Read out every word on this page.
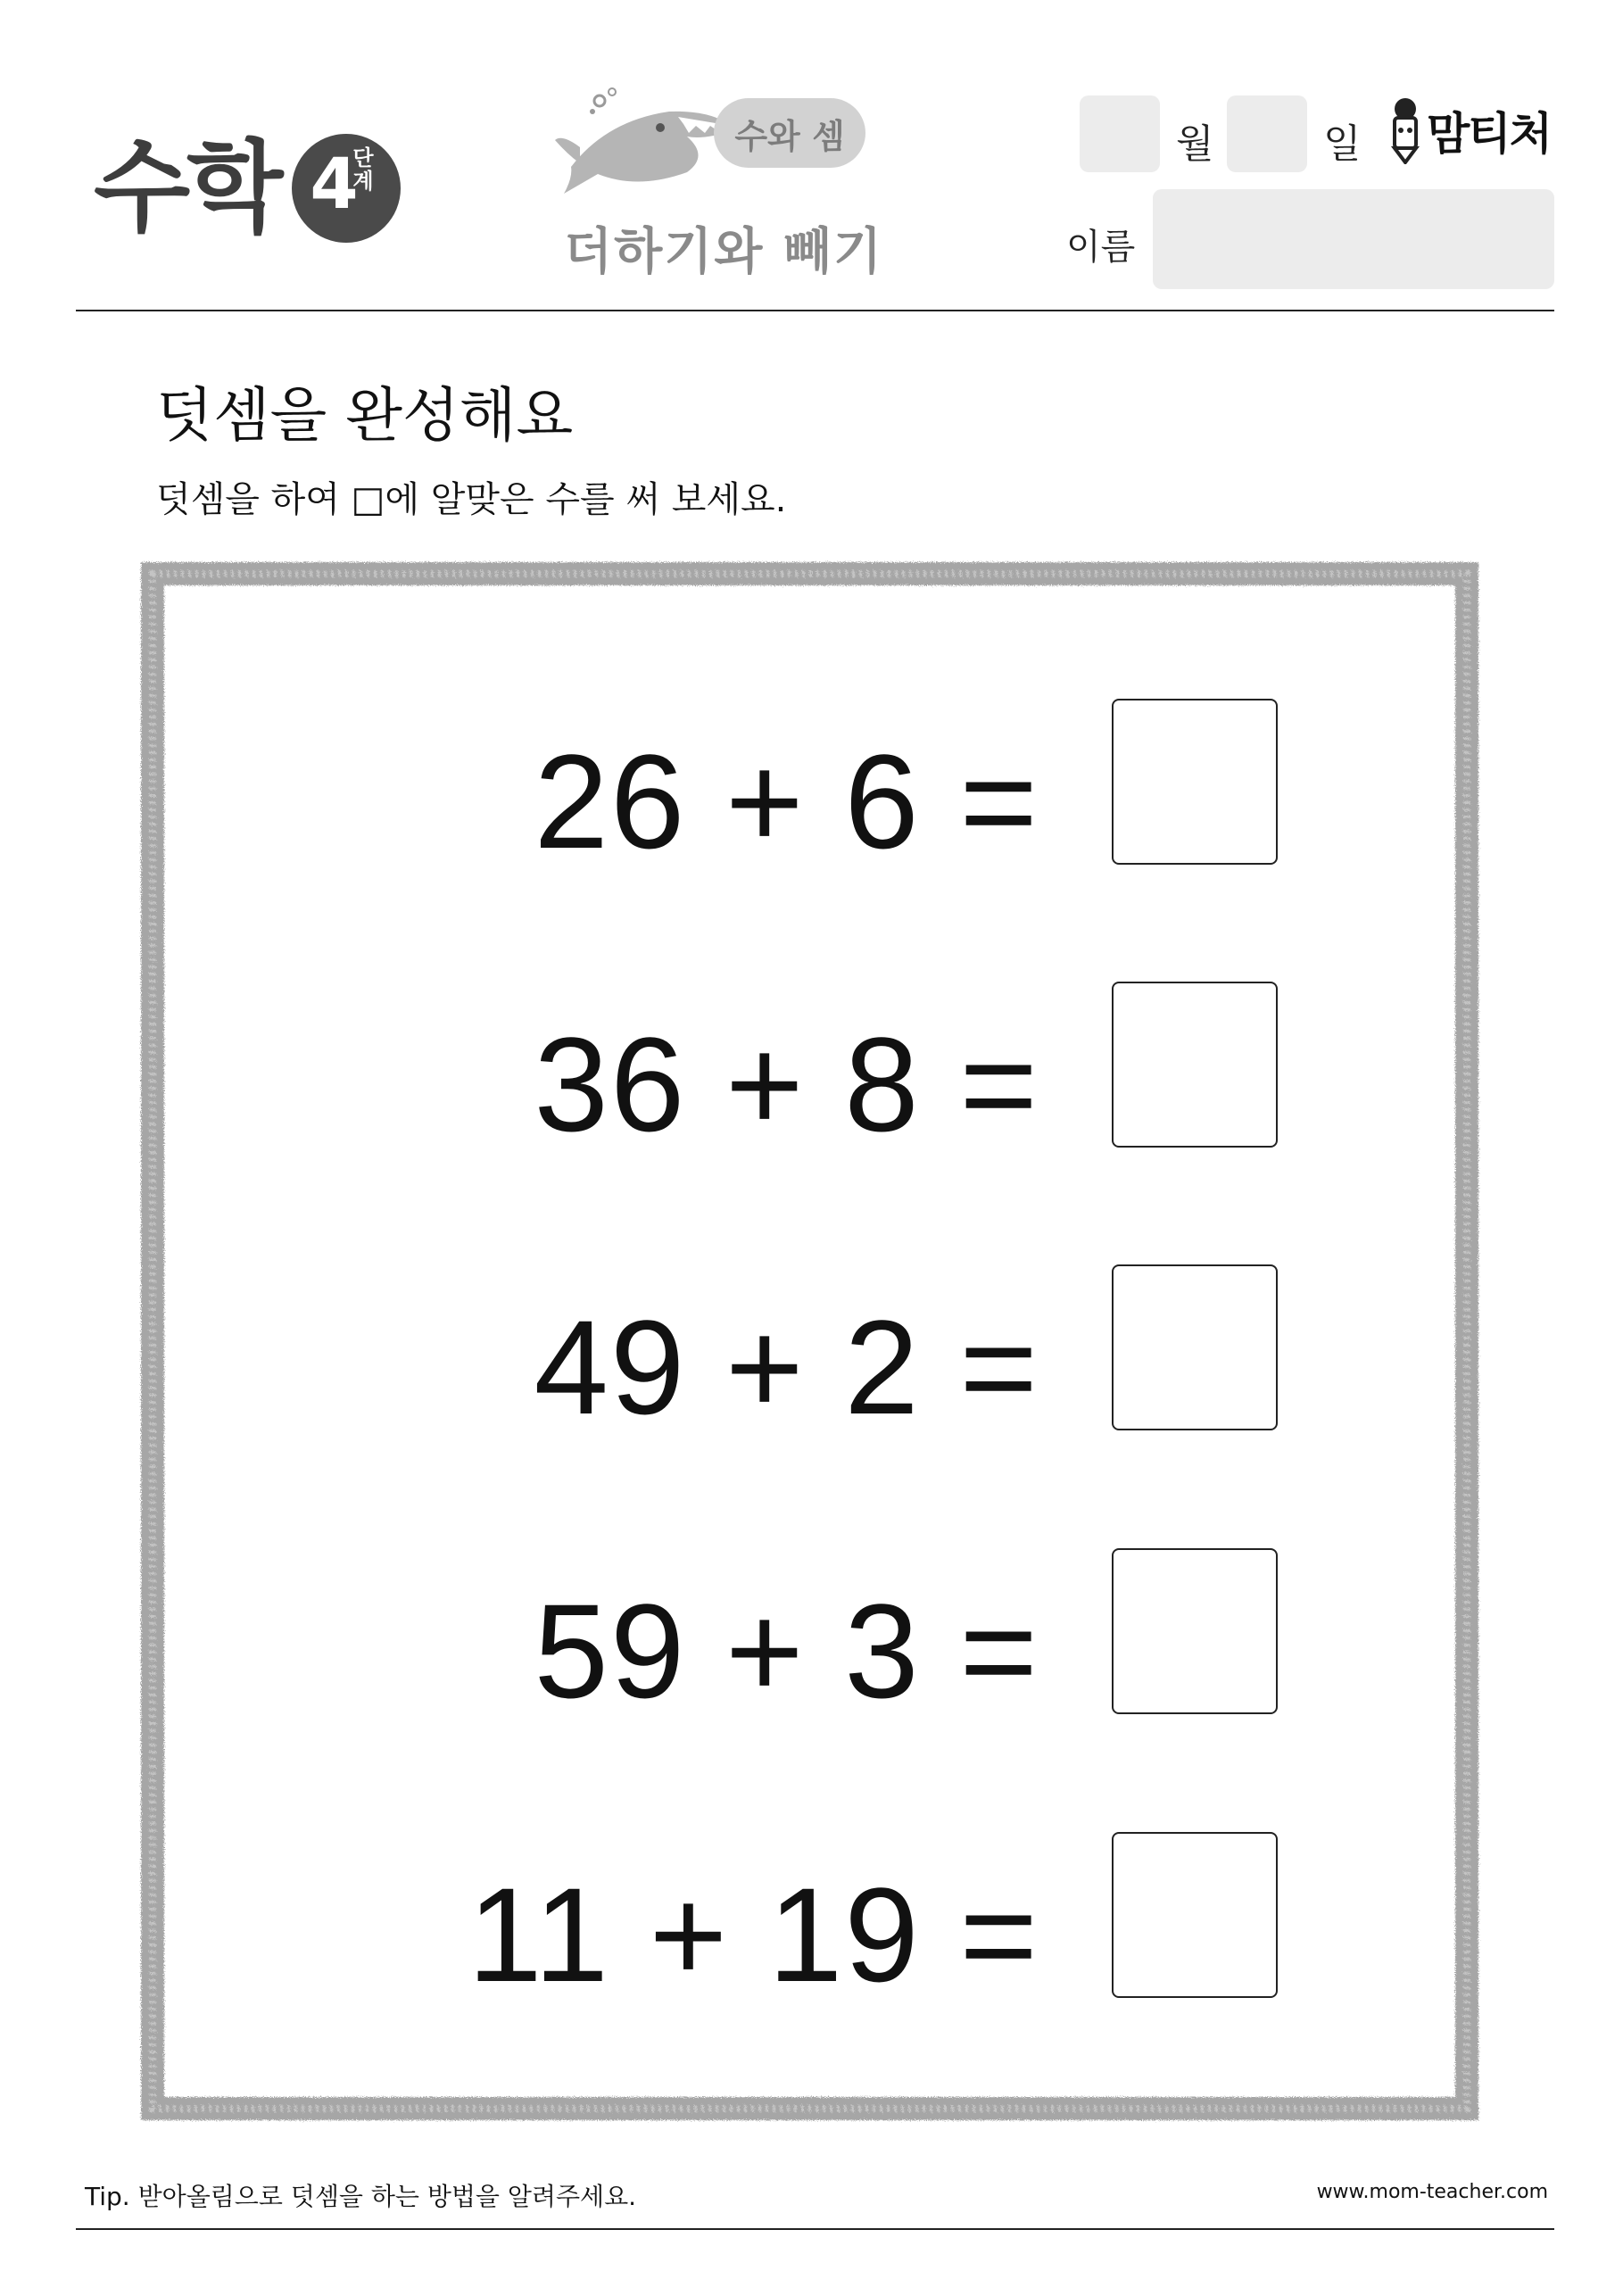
수학 4
단계
수와 셈
더하기와 빼기
월	일
이름
맘티처
덧셈을 완성해요
덧셈을 하여 □에 알맞은 수를 써 보세요.
26 + 6 =
36 + 8 =
49 + 2 =
59 + 3 =
11 + 19 =
Tip. 받아올림으로 덧셈을 하는 방법을 알려주세요.	www.mom-teacher.com
